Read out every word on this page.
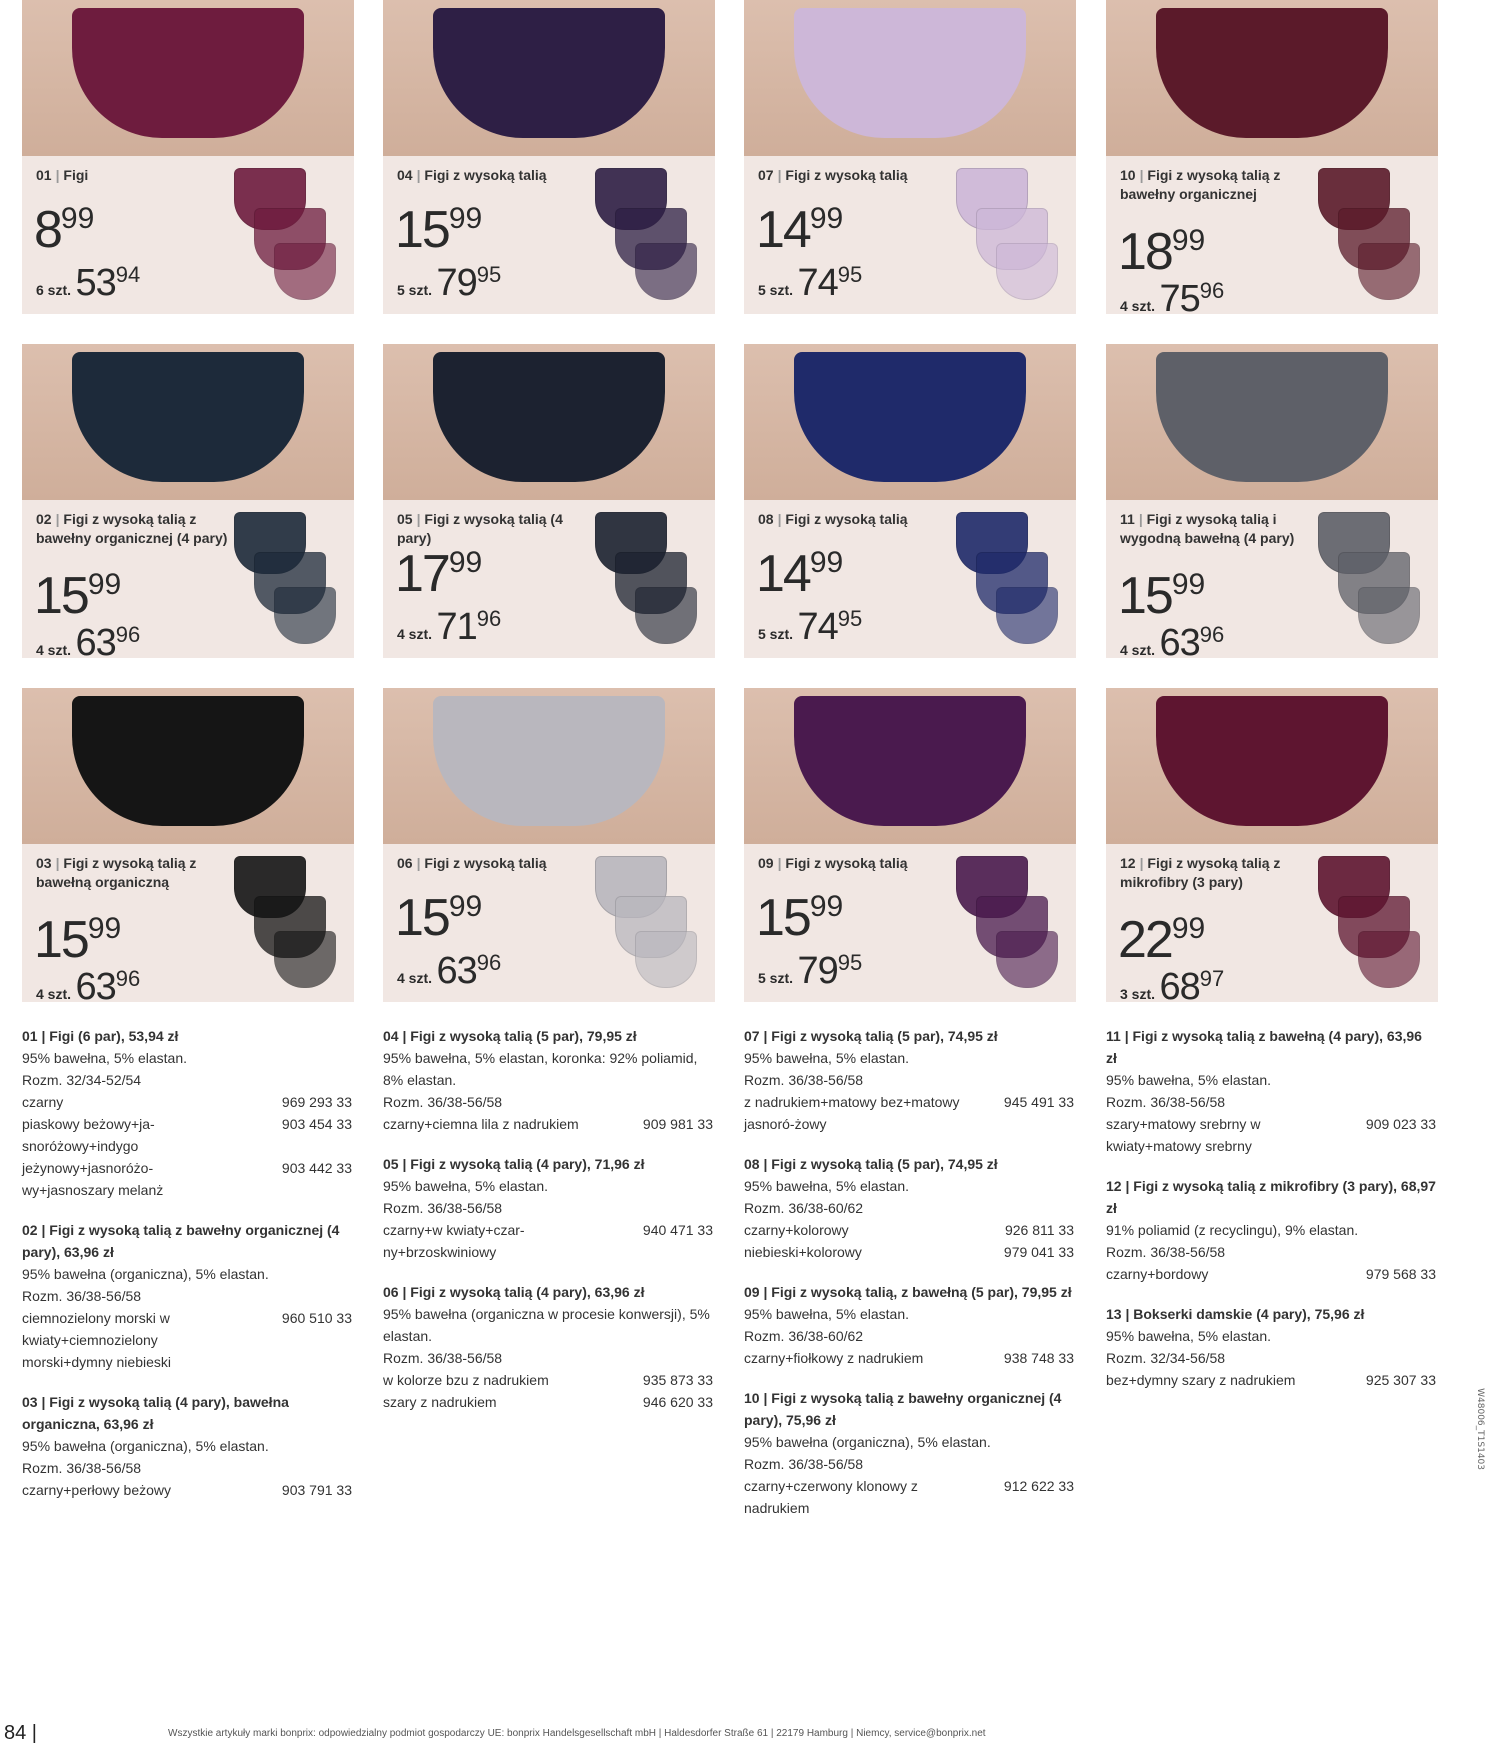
01 | Figi
899
6 szt. 5394
04 | Figi z wysoką talią
1599
5 szt. 7995
07 | Figi z wysoką talią
1499
5 szt. 7495
10 | Figi z wysoką talią z bawełny organicznej
1899
4 szt. 7596
02 | Figi z wysoką talią z bawełny organicznej (4 pary)
1599
4 szt. 6396
05 | Figi z wysoką talią (4 pary)
1799
4 szt. 7196
08 | Figi z wysoką talią
1499
5 szt. 7495
11 | Figi z wysoką talią i wygodną bawełną (4 pary)
1599
4 szt. 6396
03 | Figi z wysoką talią z bawełną organiczną
1599
4 szt. 6396
06 | Figi z wysoką talią
1599
4 szt. 6396
09 | Figi z wysoką talią
1599
5 szt. 7995
12 | Figi z wysoką talią z mikrofibry (3 pary)
2299
3 szt. 6897
01 | Figi (6 par), 53,94 zł
95% bawełna, 5% elastan.
Rozm. 32/34-52/54
czarny	969 293 33
piaskowy beżowy+ja-snoróżowy+indygo
903 454 33
jeżynowy+jasnoróżo-wy+jasnoszary melanż
903 442 33
02 | Figi z wysoką talią z bawełny organicznej (4 pary), 63,96 zł
95% bawełna (organiczna), 5% elastan.
Rozm. 36/38-56/58
ciemnozielony morski w kwiaty+ciemnozielony morski+dymny niebieski
960 510 33
03 | Figi z wysoką talią (4 pary), bawełna organiczna, 63,96 zł
95% bawełna (organiczna), 5% elastan.
Rozm. 36/38-56/58
czarny+perłowy beżowy	903 791 33
04 | Figi z wysoką talią (5 par), 79,95 zł
95% bawełna, 5% elastan, koronka: 92% poliamid, 8% elastan.
Rozm. 36/38-56/58
czarny+ciemna lila z nadrukiem	909 981 33
05 | Figi z wysoką talią (4 pary), 71,96 zł
95% bawełna, 5% elastan.
Rozm. 36/38-56/58
czarny+w kwiaty+czar-ny+brzoskwiniowy
940 471 33
06 | Figi z wysoką talią (4 pary), 63,96 zł
95% bawełna (organiczna w procesie konwersji), 5% elastan.
Rozm. 36/38-56/58
w kolorze bzu z nadrukiem	935 873 33
szary z nadrukiem	946 620 33
07 | Figi z wysoką talią (5 par), 74,95 zł
95% bawełna, 5% elastan.
Rozm. 36/38-56/58
z nadrukiem+matowy bez+matowy jasnoró-żowy
945 491 33
08 | Figi z wysoką talią (5 par), 74,95 zł
95% bawełna, 5% elastan.
Rozm. 36/38-60/62
czarny+kolorowy	926 811 33
niebieski+kolorowy	979 041 33
09 | Figi z wysoką talią, z bawełną (5 par), 79,95 zł
95% bawełna, 5% elastan.
Rozm. 36/38-60/62
czarny+fiołkowy z nadrukiem	938 748 33
10 | Figi z wysoką talią z bawełny organicznej (4 pary), 75,96 zł
95% bawełna (organiczna), 5% elastan.
Rozm. 36/38-56/58
czarny+czerwony klonowy z nadrukiem
912 622 33
11 | Figi z wysoką talią z bawełną (4 pary), 63,96 zł
95% bawełna, 5% elastan.
Rozm. 36/38-56/58
szary+matowy srebrny w kwiaty+matowy srebrny
909 023 33
12 | Figi z wysoką talią z mikrofibry (3 pary), 68,97 zł
91% poliamid (z recyclingu), 9% elastan.
Rozm. 36/38-56/58
czarny+bordowy	979 568 33
13 | Bokserki damskie (4 pary), 75,96 zł
95% bawełna, 5% elastan.
Rozm. 32/34-56/58
bez+dymny szary z nadrukiem	925 307 33
84 |	Wszystkie artykuły marki bonprix: odpowiedzialny podmiot gospodarczy UE: bonprix Handelsgesellschaft mbH | Haldesdorfer Straße 61 | 22179 Hamburg | Niemcy, service@bonprix.net
W48006_T1S1403
